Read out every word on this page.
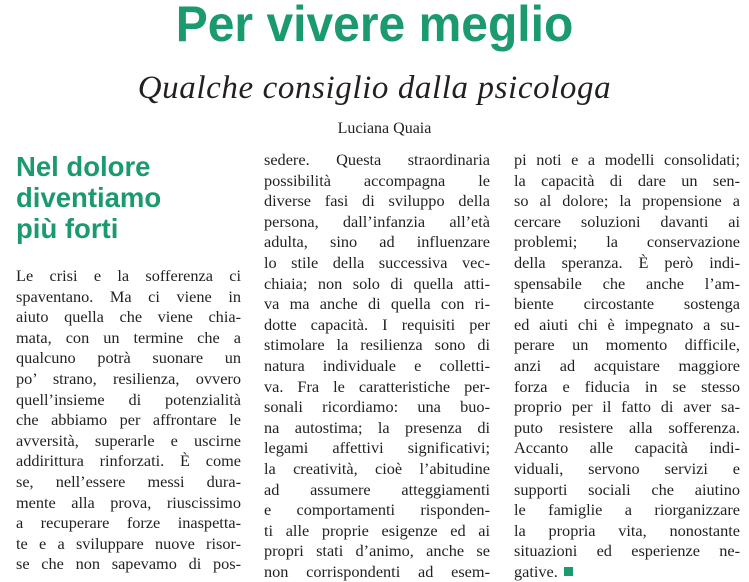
Per vivere meglio
Qualche consiglio dalla psicologa
Luciana Quaia
Nel dolore
diventiamo
più forti
Le crisi e la sofferenza ci
spaventano. Ma ci viene in
aiuto quella che viene chia-
mata, con un termine che a
qualcuno potrà suonare un
po’ strano, resilienza, ovvero
quell’insieme di potenzialità
che abbiamo per affrontare le
avversità, superarle e uscirne
addirittura rinforzati. È come
se, nell’essere messi dura-
mente alla prova, riuscissimo
a recuperare forze inaspetta-
te e a sviluppare nuove risor-
se che non sapevamo di pos-
sedere. Questa straordinaria
possibilità accompagna le
diverse fasi di sviluppo della
persona, dall’infanzia all’età
adulta, sino ad influenzare
lo stile della successiva vec-
chiaia; non solo di quella atti-
va ma anche di quella con ri-
dotte capacità. I requisiti per
stimolare la resilienza sono di
natura individuale e colletti-
va. Fra le caratteristiche per-
sonali ricordiamo: una buo-
na autostima; la presenza di
legami affettivi significativi;
la creatività, cioè l’abitudine
ad assumere atteggiamenti
e comportamenti risponden-
ti alle proprie esigenze ed ai
propri stati d’animo, anche se
non corrispondenti ad esem-
pi noti e a modelli consolidati;
la capacità di dare un sen-
so al dolore; la propensione a
cercare soluzioni davanti ai
problemi; la conservazione
della speranza. È però indi-
spensabile che anche l’am-
biente circostante sostenga
ed aiuti chi è impegnato a su-
perare un momento difficile,
anzi ad acquistare maggiore
forza e fiducia in se stesso
proprio per il fatto di aver sa-
puto resistere alla sofferenza.
Accanto alle capacità indi-
viduali, servono servizi e
supporti sociali che aiutino
le famiglie a riorganizzare
la propria vita, nonostante
situazioni ed esperienze ne-
gative.
